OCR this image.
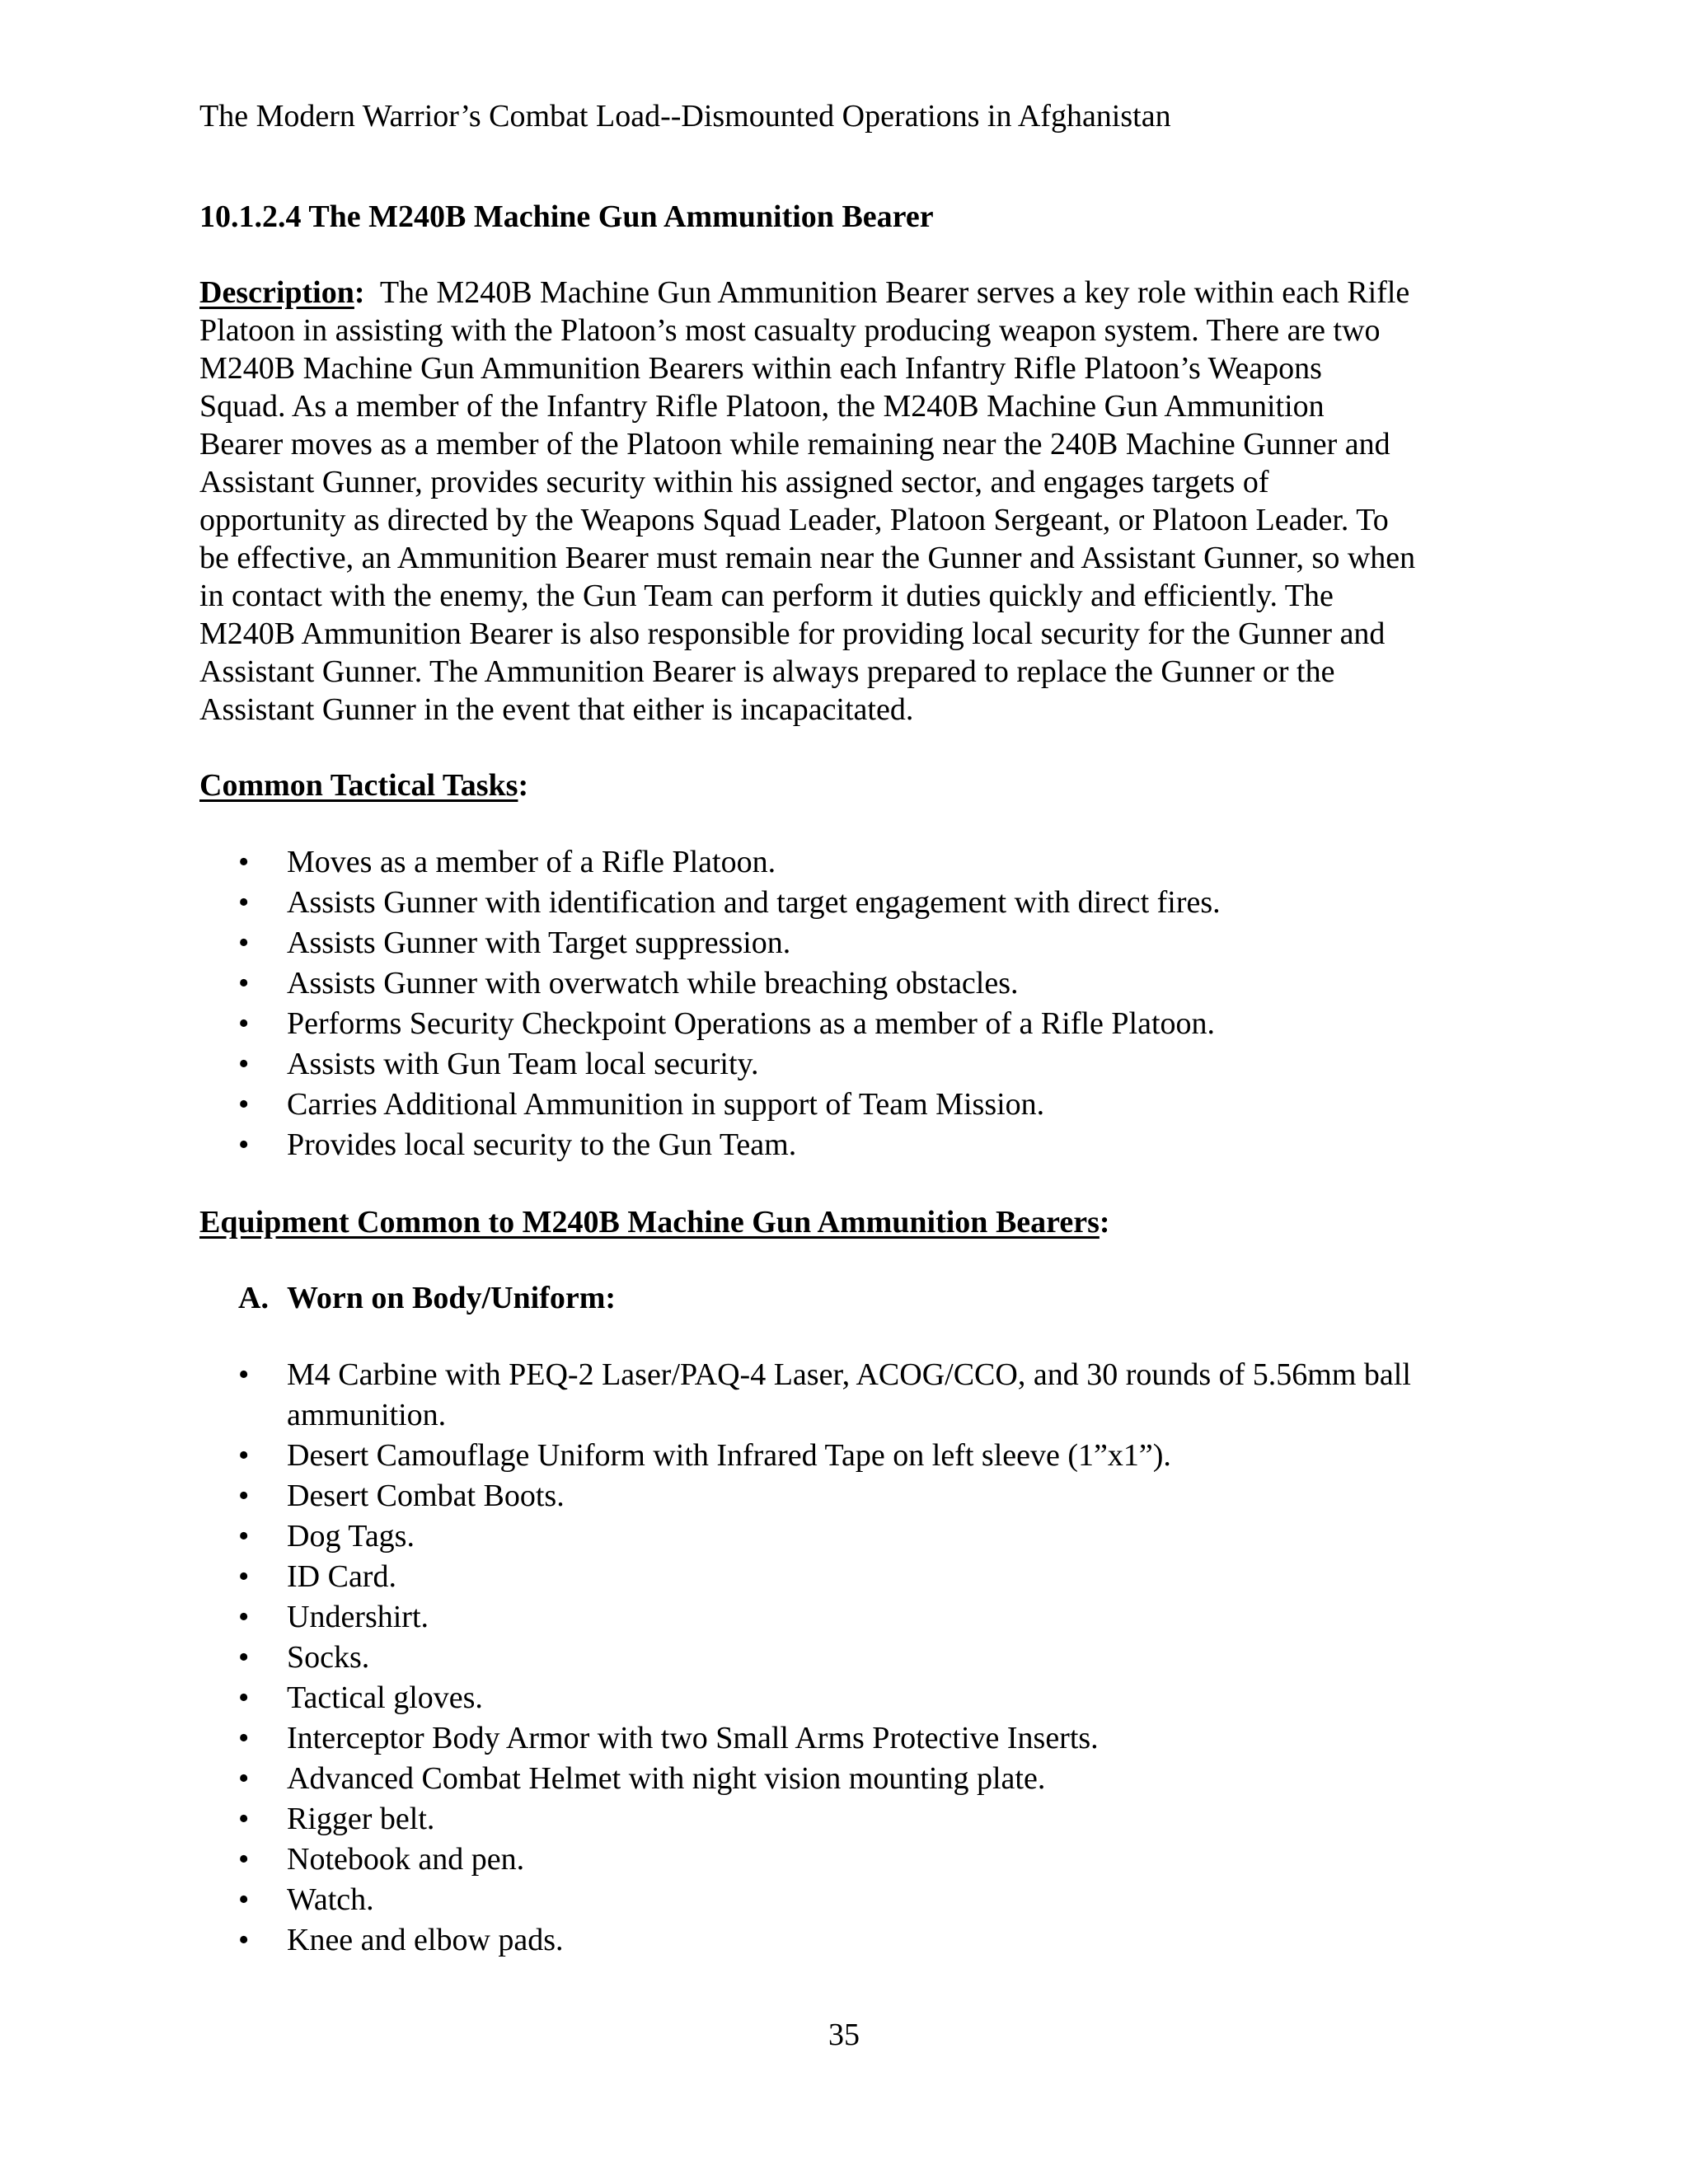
The Modern Warrior’s Combat Load--Dismounted Operations in Afghanistan
10.1.2.4 The M240B Machine Gun Ammunition Bearer

Description:  The M240B Machine Gun Ammunition Bearer serves a key role within each Rifle

Platoon in assisting with the Platoon’s most casualty producing weapon system. There are two

M240B Machine Gun Ammunition Bearers within each Infantry Rifle Platoon’s Weapons

Squad. As a member of the Infantry Rifle Platoon, the M240B Machine Gun Ammunition

Bearer moves as a member of the Platoon while remaining near the 240B Machine Gunner and

Assistant Gunner, provides security within his assigned sector, and engages targets of

opportunity as directed by the Weapons Squad Leader, Platoon Sergeant, or Platoon Leader. To

be effective, an Ammunition Bearer must remain near the Gunner and Assistant Gunner, so when

in contact with the enemy, the Gun Team can perform it duties quickly and efficiently. The

M240B Ammunition Bearer is also responsible for providing local security for the Gunner and

Assistant Gunner. The Ammunition Bearer is always prepared to replace the Gunner or the

Assistant Gunner in the event that either is incapacitated.

Common Tactical Tasks:
• Moves as a member of a Rifle Platoon.
• Assists Gunner with identification and target engagement with direct fires.
• Assists Gunner with Target suppression.
• Assists Gunner with overwatch while breaching obstacles.
• Performs Security Checkpoint Operations as a member of a Rifle Platoon.
• Assists with Gun Team local security.
• Carries Additional Ammunition in support of Team Mission.
• Provides local security to the Gun Team.
Equipment Common to M240B Machine Gun Ammunition Bearers:
A. Worn on Body/Uniform:
• M4 Carbine with PEQ-2 Laser/PAQ-4 Laser, ACOG/CCO, and 30 rounds of 5.56mm ball
ammunition.
• Desert Camouflage Uniform with Infrared Tape on left sleeve (1”x1”).
• Desert Combat Boots.
• Dog Tags.
• ID Card.
• Undershirt.
• Socks.
• Tactical gloves.
• Interceptor Body Armor with two Small Arms Protective Inserts.
• Advanced Combat Helmet with night vision mounting plate.
• Rigger belt.
• Notebook and pen.
• Watch.
• Knee and elbow pads.
35
